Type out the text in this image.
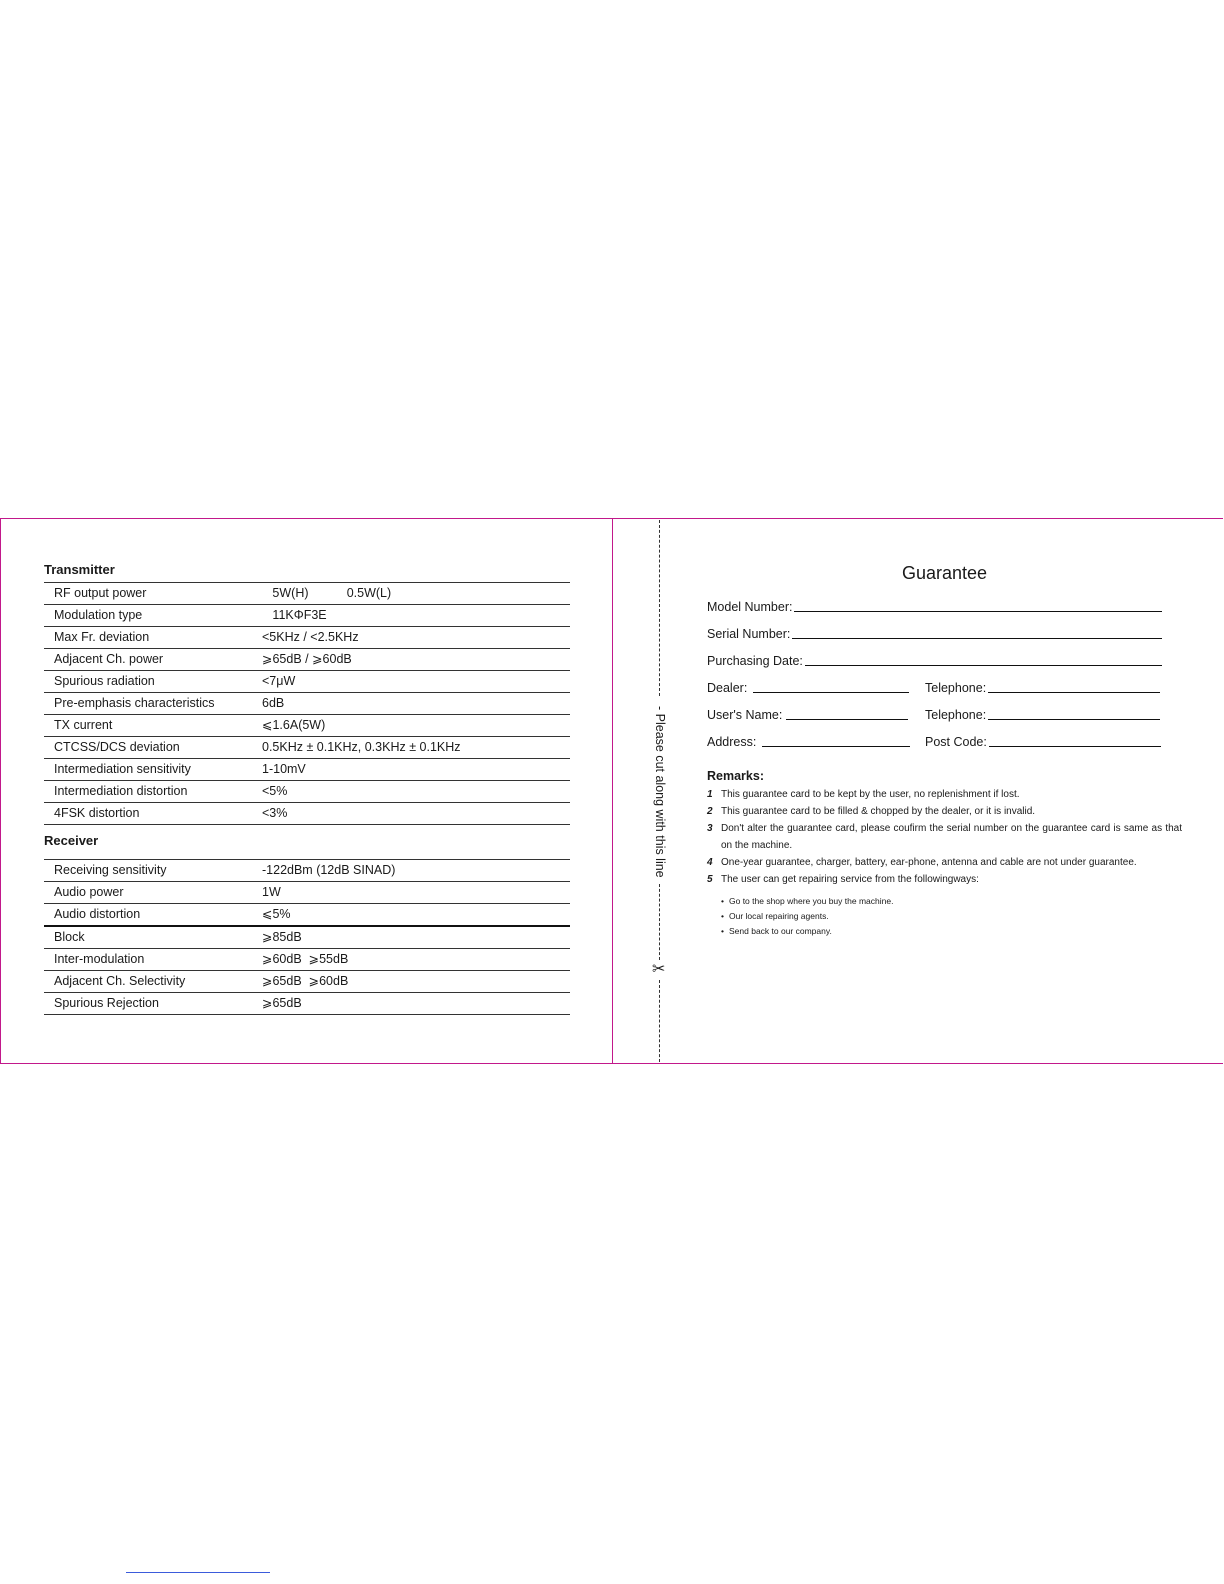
Transmitter
RF output power	5W(H)           0.5W(L)
Modulation type	11KΦF3E
Max Fr. deviation	<5KHz / <2.5KHz
Adjacent Ch. power	⩾65dB / ⩾60dB
Spurious radiation	<7μW
Pre-emphasis characteristics	6dB
TX current	⩽1.6A(5W)
CTCSS/DCS deviation	0.5KHz ± 0.1KHz, 0.3KHz ± 0.1KHz
Intermediation sensitivity	1-10mV
Intermediation distortion	<5%
4FSK distortion	<3%
Receiver
Receiving sensitivity	-122dBm (12dB SINAD)
Audio power	1W
Audio distortion	⩽5%
Block	⩾85dB
Inter-modulation	⩾60dB  ⩾55dB
Adjacent Ch. Selectivity	⩾65dB  ⩾60dB
Spurious Rejection	⩾65dB
- Please cut along with this line
✂
Guarantee
Model Number:
Serial Number:
Purchasing Date:
Dealer:	Telephone:
User's Name:	Telephone:
Address:	Post Code:
Remarks:
1 This guarantee card to be kept by the user, no replenishment if lost.
2 This guarantee card to be filled & chopped by the dealer, or it is invalid.
3 Don't alter the guarantee card, please coufirm the serial number on the guarantee card is same as that on the machine.
4 One-year guarantee, charger, battery, ear-phone, antenna and cable are not under guarantee.
5 The user can get repairing service from the followingways:
• Go to the shop where you buy the machine.
• Our local repairing agents.
• Send back to our company.
